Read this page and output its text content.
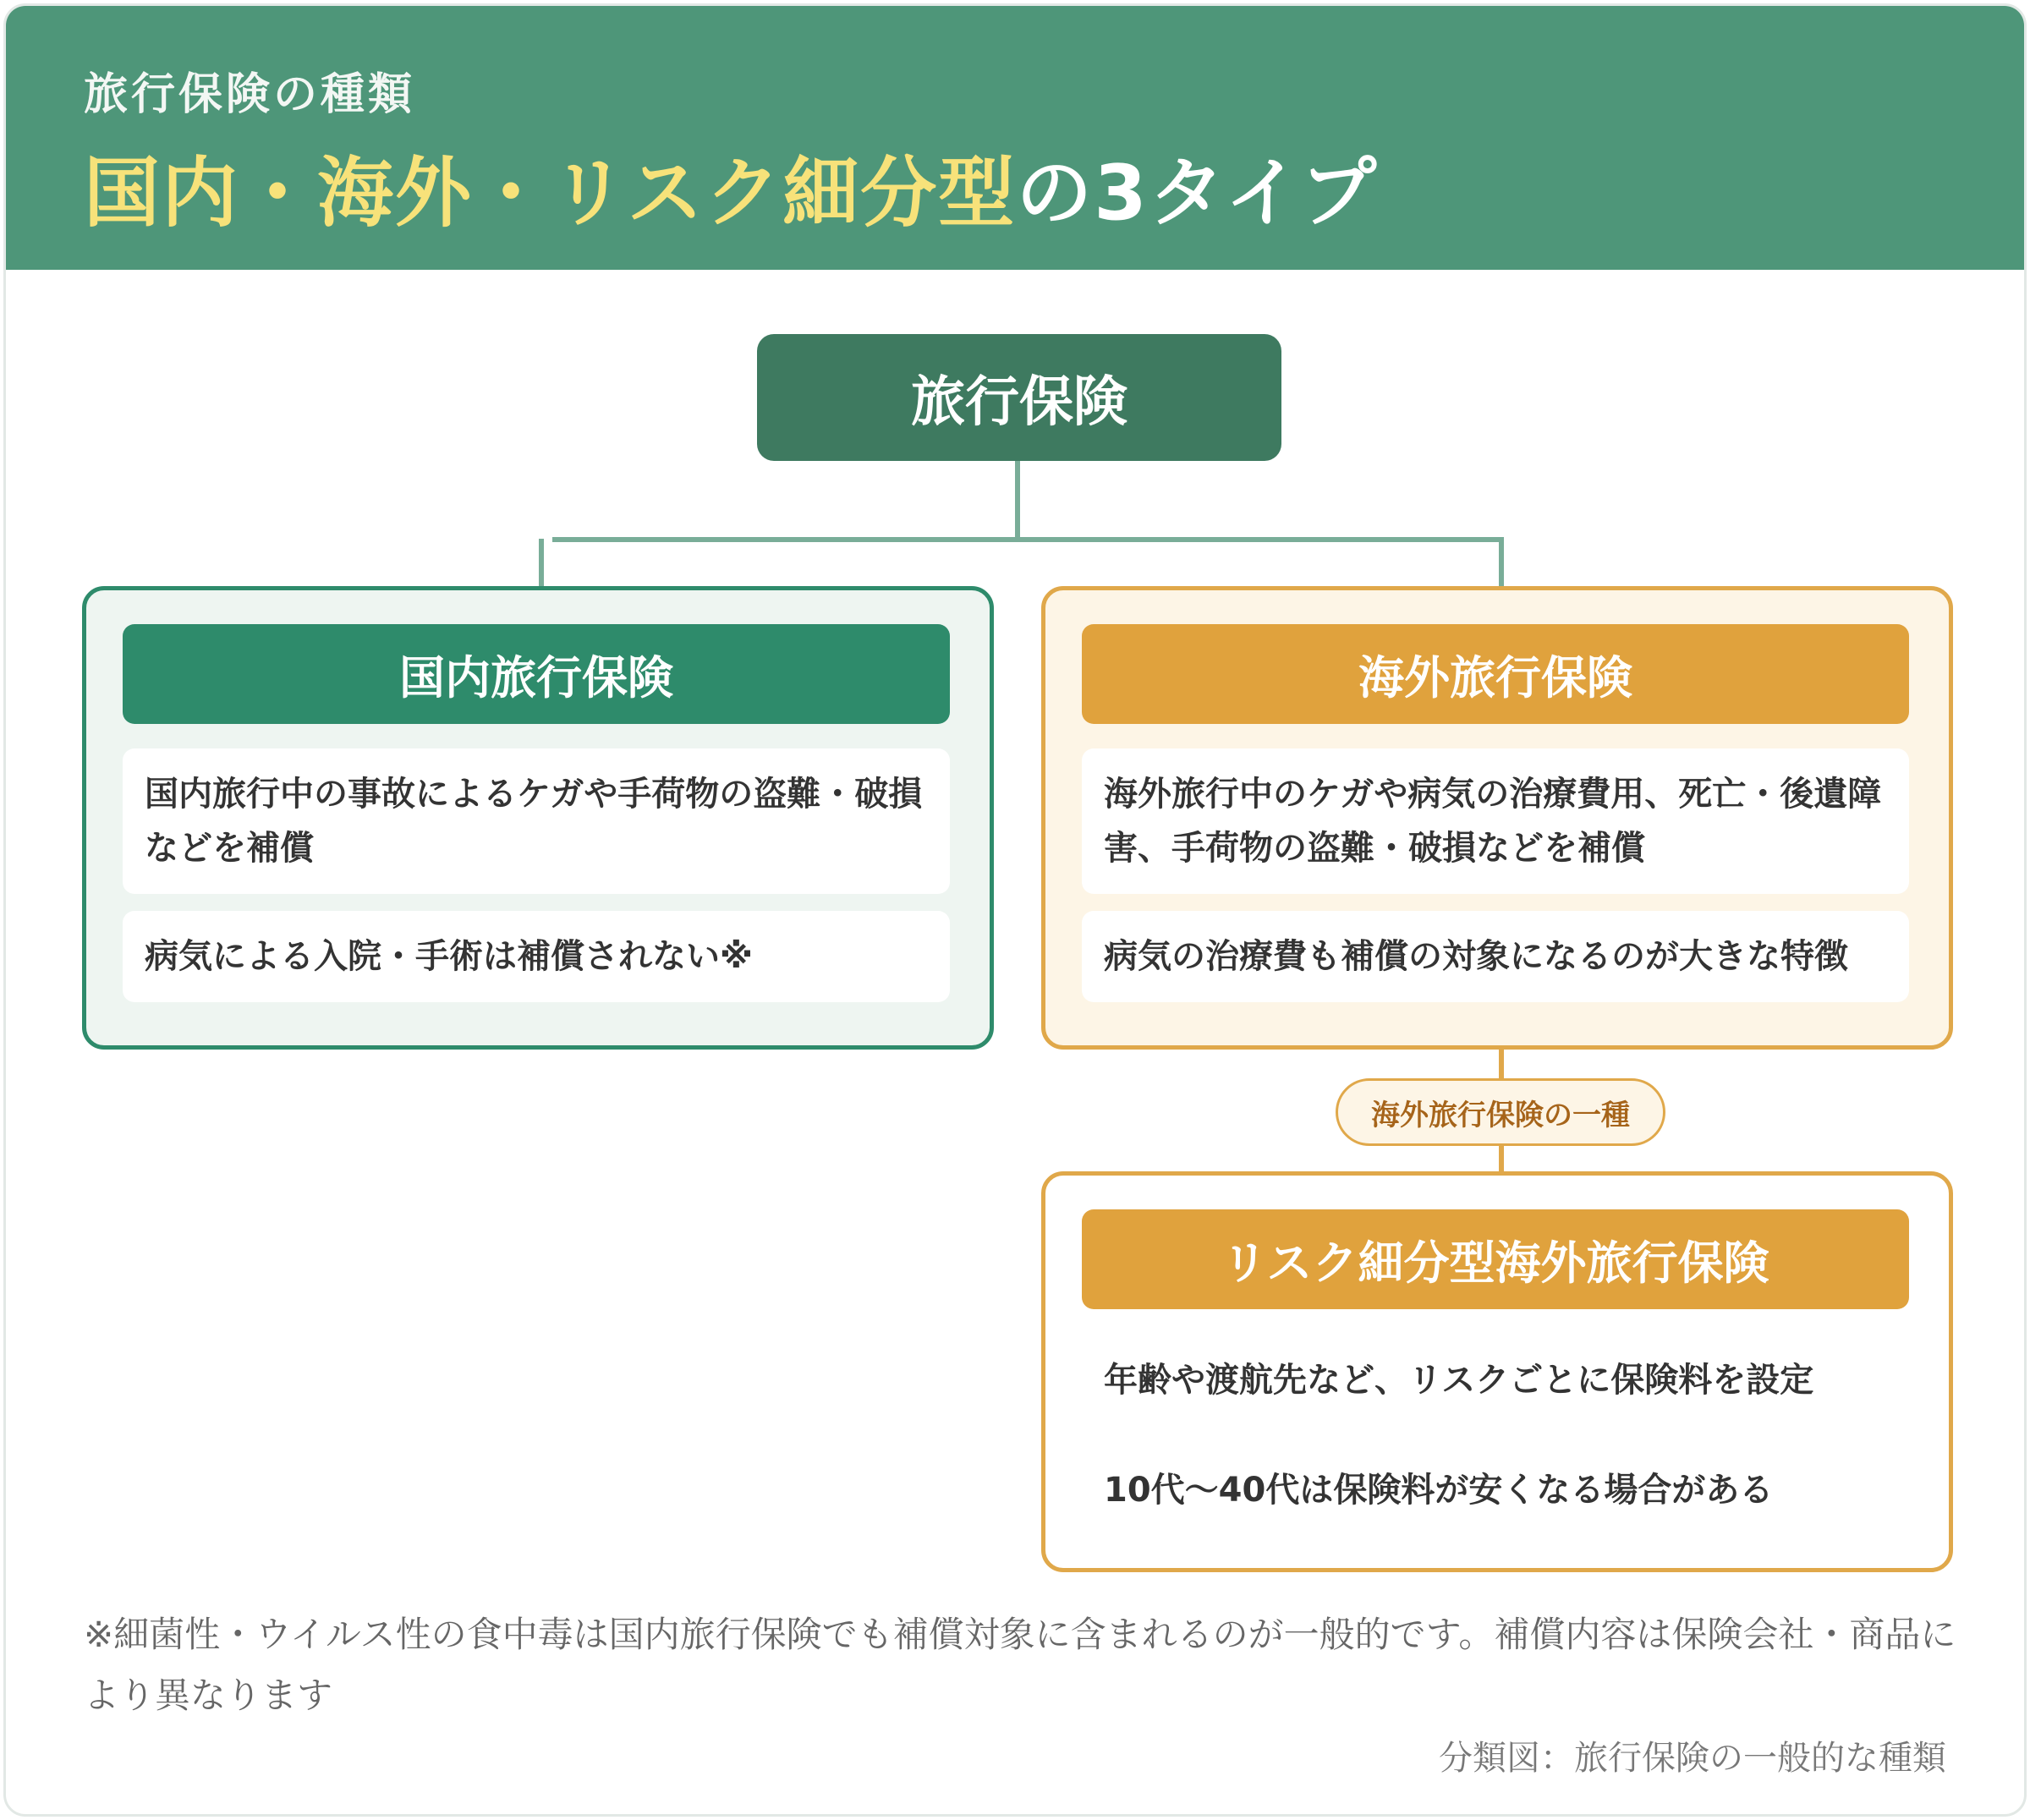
旅行保険の種類
国内・海外・リスク細分型の3タイプ
旅行保険
国内旅行保険
国内旅行中の事故によるケガや手荷物の盗難・破損などを補償
病気による入院・手術は補償されない※
海外旅行保険
海外旅行中のケガや病気の治療費用、死亡・後遺障害、手荷物の盗難・破損などを補償
病気の治療費も補償の対象になるのが大きな特徴
海外旅行保険の一種
リスク細分型海外旅行保険
年齢や渡航先など、リスクごとに保険料を設定
10代〜40代は保険料が安くなる場合がある
※細菌性・ウイルス性の食中毒は国内旅行保険でも補償対象に含まれるのが一般的です。補償内容は保険会社・商品により異なります
分類図：旅行保険の一般的な種類
